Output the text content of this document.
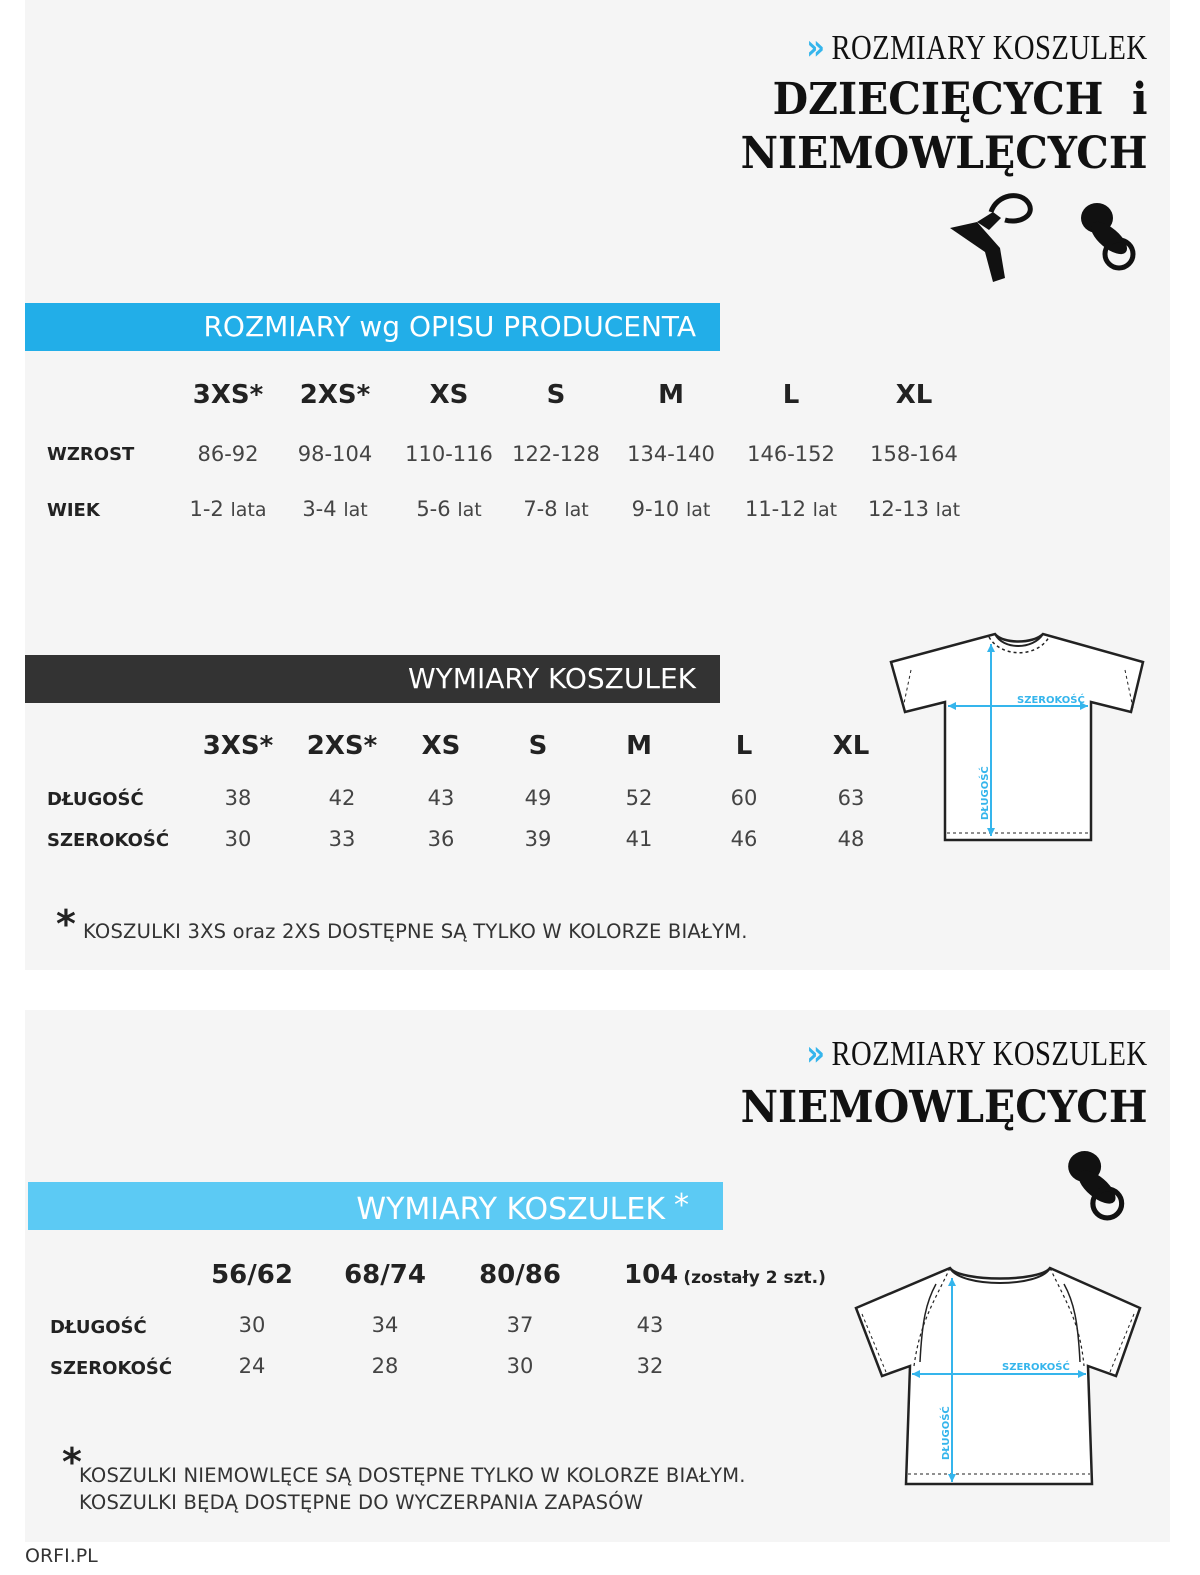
» ROZMIARY KOSZULEK
DZIECIĘCYCH  i
NIEMOWLĘCYCH
ROZMIARY wg OPISU PRODUCENTA
3XS*	2XS*	XS	S	M	L	XL
WZROST	86-92	98-104	110-116 122-128	134-140	146-152	158-164
WIEK	1-2 lata	3-4 lat	5-6 lat	7-8 lat	9-10 lat	11-12 lat	12-13 lat
WYMIARY KOSZULEK
3XS*	2XS*	XS	S	M	L	XL
DŁUGOŚĆ	38	42	43	49	52	60	63
SZEROKOŚĆ	30	33	36	39	41	46	48
SZEROKOŚĆ
DŁUGOŚĆ
* KOSZULKI 3XS oraz 2XS DOSTĘPNE SĄ TYLKO W KOLORZE BIAŁYM.
» ROZMIARY KOSZULEK
NIEMOWLĘCYCH
WYMIARY KOSZULEK *
56/62	68/74	80/86	104 (zostały 2 szt.)
DŁUGOŚĆ	30	34	37	43
SZEROKOŚĆ	24	28	30	32	SZEROKOŚĆ
DŁUGOŚĆ
*
KOSZULKI NIEMOWLĘCE SĄ DOSTĘPNE TYLKO W KOLORZE BIAŁYM.
KOSZULKI BĘDĄ DOSTĘPNE DO WYCZERPANIA ZAPASÓW
ORFI.PL
